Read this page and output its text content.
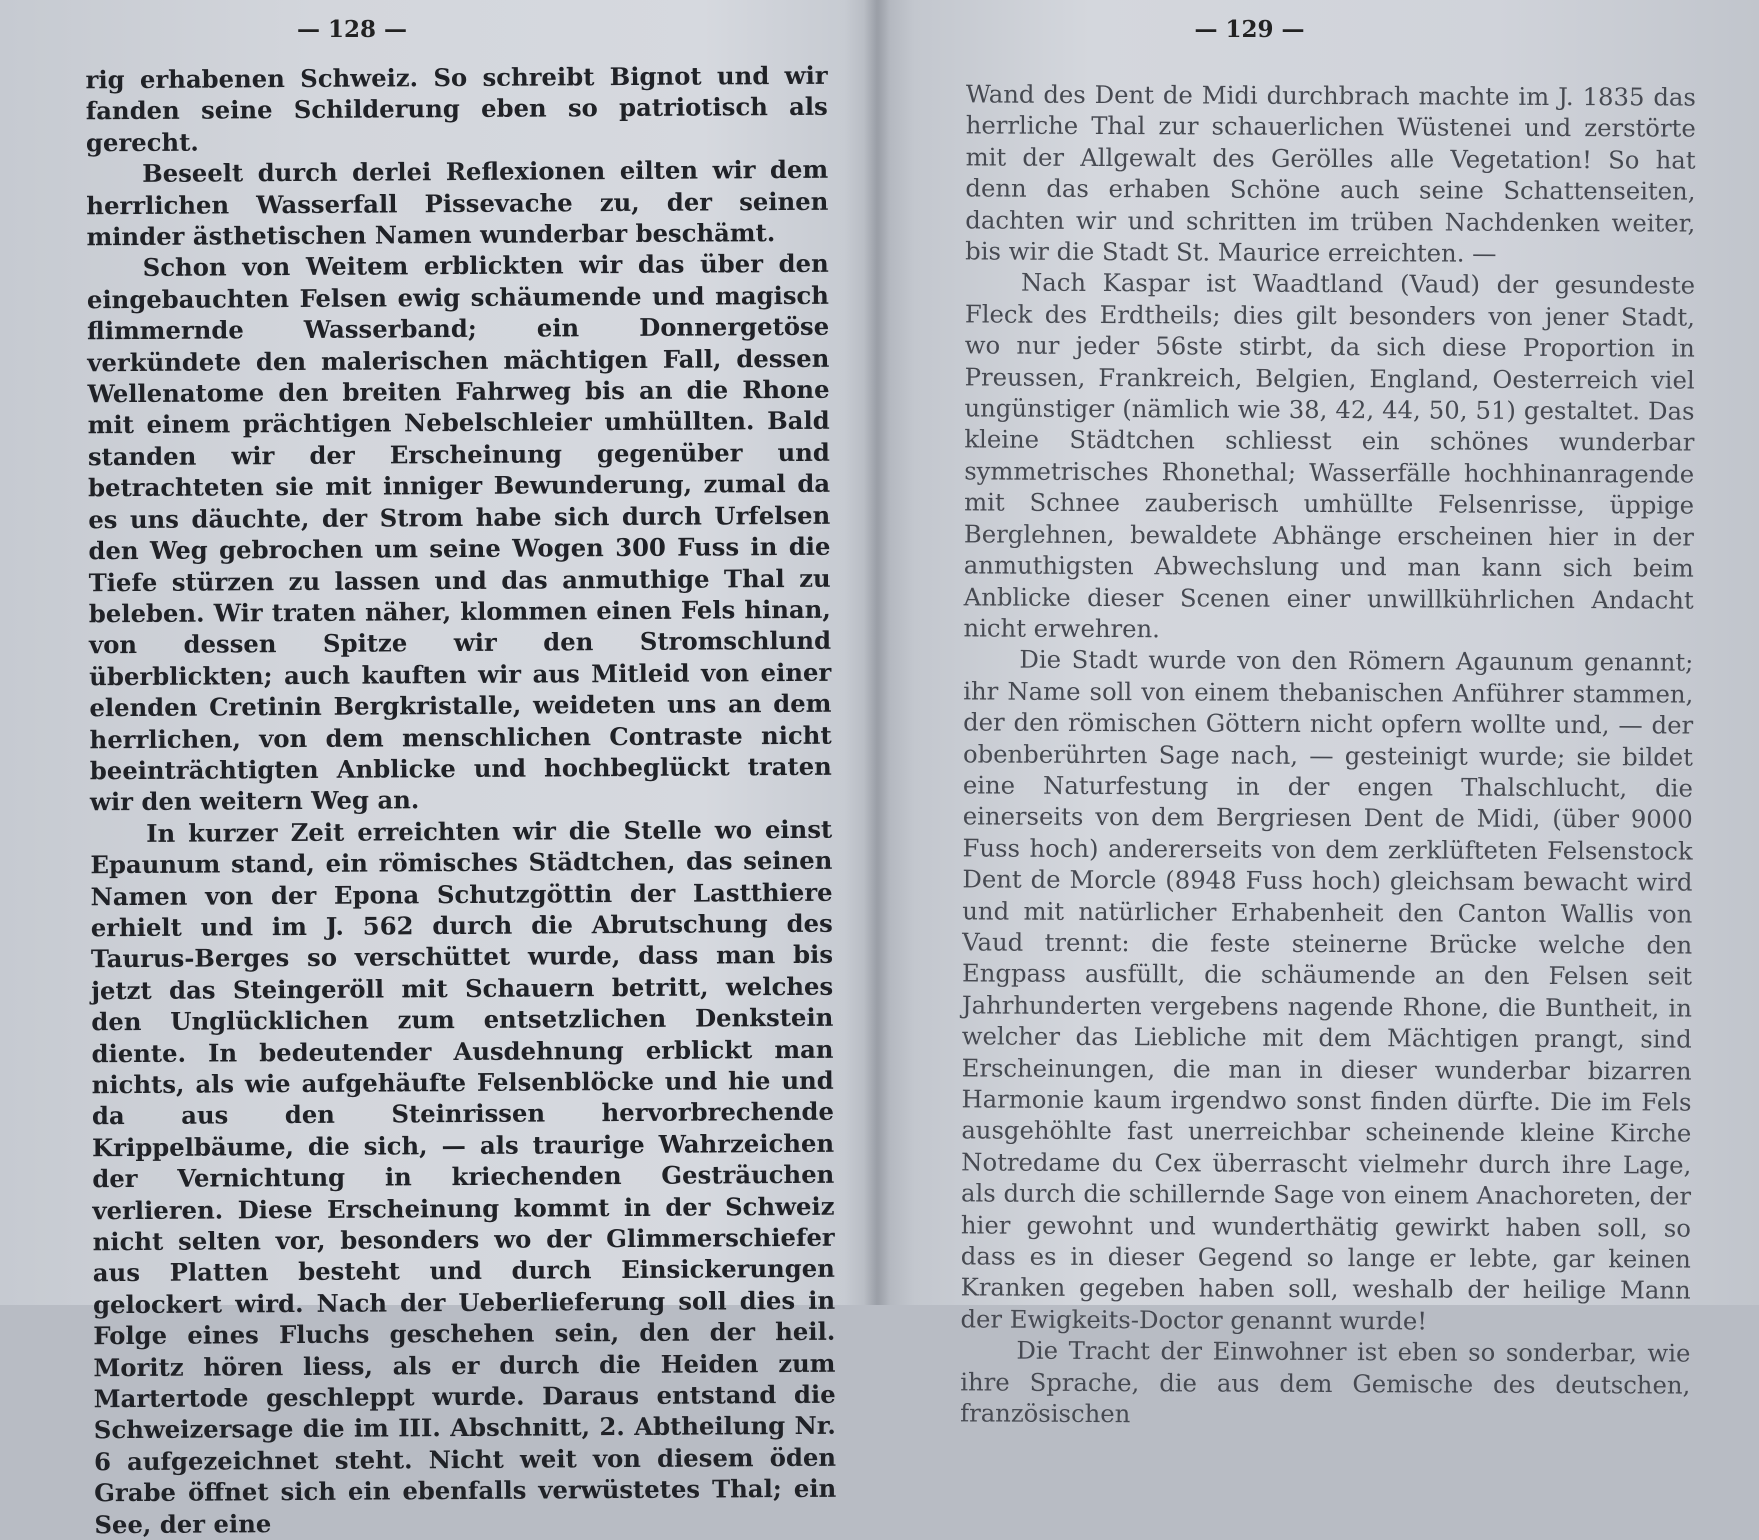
— 128 —

rig erhabenen Schweiz. So schreibt Bignot und wir fanden seine Schilderung eben so patriotisch als gerecht.

Beseelt durch derlei Reflexionen eilten wir dem herrlichen Wasserfall Pissevache zu, der seinen minder ästhetischen Namen wunderbar beschämt.

Schon von Weitem erblickten wir das über den eingebauchten Felsen ewig schäumende und magisch flimmernde Wasserband; ein Donnergetöse verkündete den malerischen mächtigen Fall, dessen Wellenatome den breiten Fahrweg bis an die Rhone mit einem prächtigen Nebelschleier umhüllten. Bald standen wir der Erscheinung gegenüber und betrachteten sie mit inniger Bewunderung, zumal da es uns däuchte, der Strom habe sich durch Urfelsen den Weg gebrochen um seine Wogen 300 Fuss in die Tiefe stürzen zu lassen und das anmuthige Thal zu beleben. Wir traten näher, klommen einen Fels hinan, von dessen Spitze wir den Stromschlund überblickten; auch kauften wir aus Mitleid von einer elenden Cretinin Bergkristalle, weideten uns an dem herrlichen, von dem menschlichen Contraste nicht beeinträchtigten Anblicke und hochbeglückt traten wir den weitern Weg an.

In kurzer Zeit erreichten wir die Stelle wo einst Epaunum stand, ein römisches Städtchen, das seinen Namen von der Epona Schutzgöttin der Lastthiere erhielt und im J. 562 durch die Abrutschung des Taurus-Berges so verschüttet wurde, dass man bis jetzt das Steingeröll mit Schauern betritt, welches den Unglücklichen zum entsetzlichen Denkstein diente. In bedeutender Ausdehnung erblickt man nichts, als wie aufgehäufte Felsenblöcke und hie und da aus den Steinrissen hervorbrechende Krippelbäume, die sich, — als traurige Wahrzeichen der Vernichtung in kriechenden Gesträuchen verlieren. Diese Erscheinung kommt in der Schweiz nicht selten vor, besonders wo der Glimmerschiefer aus Platten besteht und durch Einsickerungen gelockert wird. Nach der Ueberlieferung soll dies in Folge eines Fluchs geschehen sein, den der heil. Moritz hören liess, als er durch die Heiden zum Martertode geschleppt wurde. Daraus entstand die Schweizersage die im III. Abschnitt, 2. Abtheilung Nr. 6 aufgezeichnet steht. Nicht weit von diesem öden Grabe öffnet sich ein ebenfalls verwüstetes Thal; ein See, der eine

— 129 —

Wand des Dent de Midi durchbrach machte im J. 1835 das herrliche Thal zur schauerlichen Wüstenei und zerstörte mit der Allgewalt des Gerölles alle Vegetation! So hat denn das erhaben Schöne auch seine Schattenseiten, dachten wir und schritten im trüben Nachdenken weiter, bis wir die Stadt St. Maurice erreichten. —

Nach Kaspar ist Waadtland (Vaud) der gesundeste Fleck des Erdtheils; dies gilt besonders von jener Stadt, wo nur jeder 56ste stirbt, da sich diese Proportion in Preussen, Frankreich, Belgien, England, Oesterreich viel ungünstiger (nämlich wie 38, 42, 44, 50, 51) gestaltet. Das kleine Städtchen schliesst ein schönes wunderbar symmetrisches Rhonethal; Wasserfälle hochhinanragende mit Schnee zauberisch umhüllte Felsenrisse, üppige Berglehnen, bewaldete Abhänge erscheinen hier in der anmuthigsten Abwechslung und man kann sich beim Anblicke dieser Scenen einer unwillkührlichen Andacht nicht erwehren.

Die Stadt wurde von den Römern Agaunum genannt; ihr Name soll von einem thebanischen Anführer stammen, der den römischen Göttern nicht opfern wollte und, — der obenberührten Sage nach, — gesteinigt wurde; sie bildet eine Naturfestung in der engen Thalschlucht, die einerseits von dem Bergriesen Dent de Midi, (über 9000 Fuss hoch) andererseits von dem zerklüfteten Felsenstock Dent de Morcle (8948 Fuss hoch) gleichsam bewacht wird und mit natürlicher Erhabenheit den Canton Wallis von Vaud trennt: die feste steinerne Brücke welche den Engpass ausfüllt, die schäumende an den Felsen seit Jahrhunderten vergebens nagende Rhone, die Buntheit, in welcher das Liebliche mit dem Mächtigen prangt, sind Erscheinungen, die man in dieser wunderbar bizarren Harmonie kaum irgendwo sonst finden dürfte. Die im Fels ausgehöhlte fast unerreichbar scheinende kleine Kirche Notredame du Cex überrascht vielmehr durch ihre Lage, als durch die schillernde Sage von einem Anachoreten, der hier gewohnt und wunderthätig gewirkt haben soll, so dass es in dieser Gegend so lange er lebte, gar keinen Kranken gegeben haben soll, weshalb der heilige Mann der Ewigkeits-Doctor genannt wurde!

Die Tracht der Einwohner ist eben so sonderbar, wie ihre Sprache, die aus dem Gemische des deutschen, französischen
